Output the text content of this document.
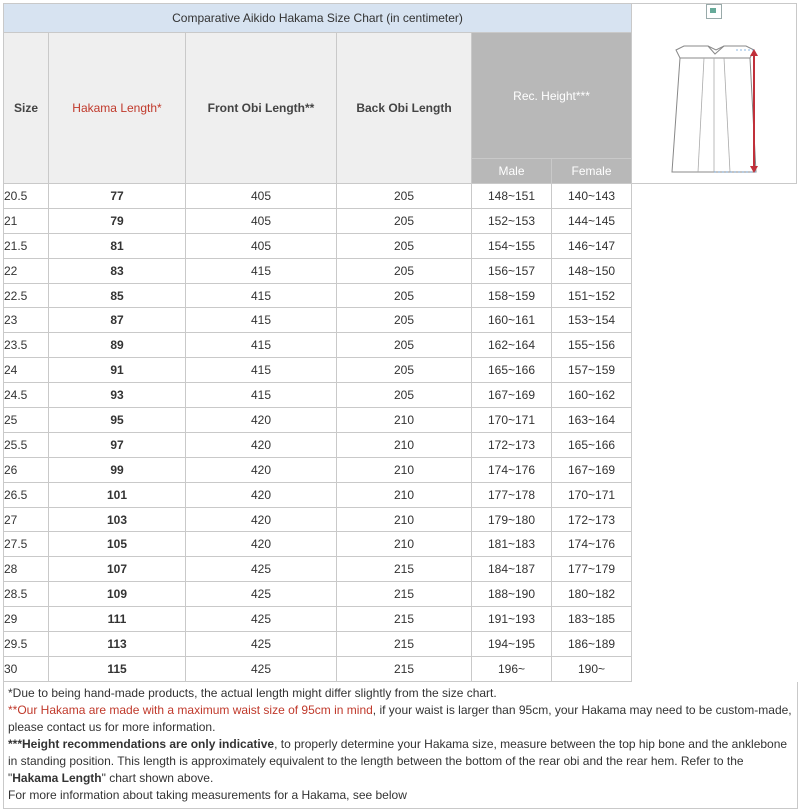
Comparative Aikido Hakama Size Chart (in centimeter)	

Size	Hakama Length*	Front Obi Length**	Back Obi Length	Rec. Height***		
				Male	Female	
20.5	77	405	205	148~151	140~143	
21	79	405	205	152~153	144~145	
21.5	81	405	205	154~155	146~147	
22	83	415	205	156~157	148~150	
22.5	85	415	205	158~159	151~152	
23	87	415	205	160~161	153~154	
23.5	89	415	205	162~164	155~156	
24	91	415	205	165~166	157~159	
24.5	93	415	205	167~169	160~162	
25	95	420	210	170~171	163~164	
25.5	97	420	210	172~173	165~166	
26	99	420	210	174~176	167~169	
26.5	101	420	210	177~178	170~171	
27	103	420	210	179~180	172~173	
27.5	105	420	210	181~183	174~176	
28	107	425	215	184~187	177~179	
28.5	109	425	215	188~190	180~182	
29	111	425	215	191~193	183~185	
29.5	113	425	215	194~195	186~189	
30	115	425	215	196~	190~	
*Due to being hand-made products, the actual length might differ slightly from the size chart.
**Our Hakama are made with a maximum waist size of 95cm in mind, if your waist is larger than 95cm, your Hakama may need to be custom-made, please contact us for more information.
***Height recommendations are only indicative, to properly determine your Hakama size, measure between the top hip bone and the anklebone in standing position. This length is approximately equivalent to the length between the bottom of the rear obi and the rear hem. Refer to the "Hakama Length" chart shown above.
For more information about taking measurements for a Hakama, see below
